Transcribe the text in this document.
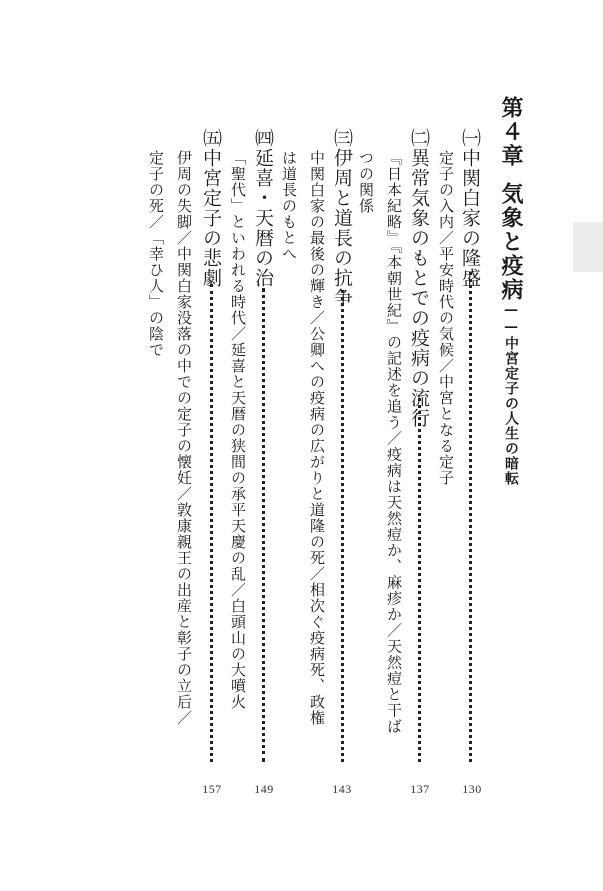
第４章気象と疫病——中宮定子の人生の暗転
㈠中関白家の隆盛
定子の入内／平安時代の気候／中宮となる定子
130
㈡異常気象のもとでの疫病の流行
『日本紀略』『本朝世紀』の記述を追う／疫病は天然痘か、麻疹か／天然痘と干ば
つの関係
137
㈢伊周と道長の抗争
中関白家の最後の輝き／公卿への疫病の広がりと道隆の死／相次ぐ疫病死、政権
は道長のもとへ
143
㈣延喜・天暦の治
「聖代」といわれる時代／延喜と天暦の狭間の承平天慶の乱／白頭山の大噴火
149
㈤中宮定子の悲劇
伊周の失脚／中関白家没落の中での定子の懐妊／敦康親王の出産と彰子の立后／
定子の死／「幸ひ人」の陰で
157
